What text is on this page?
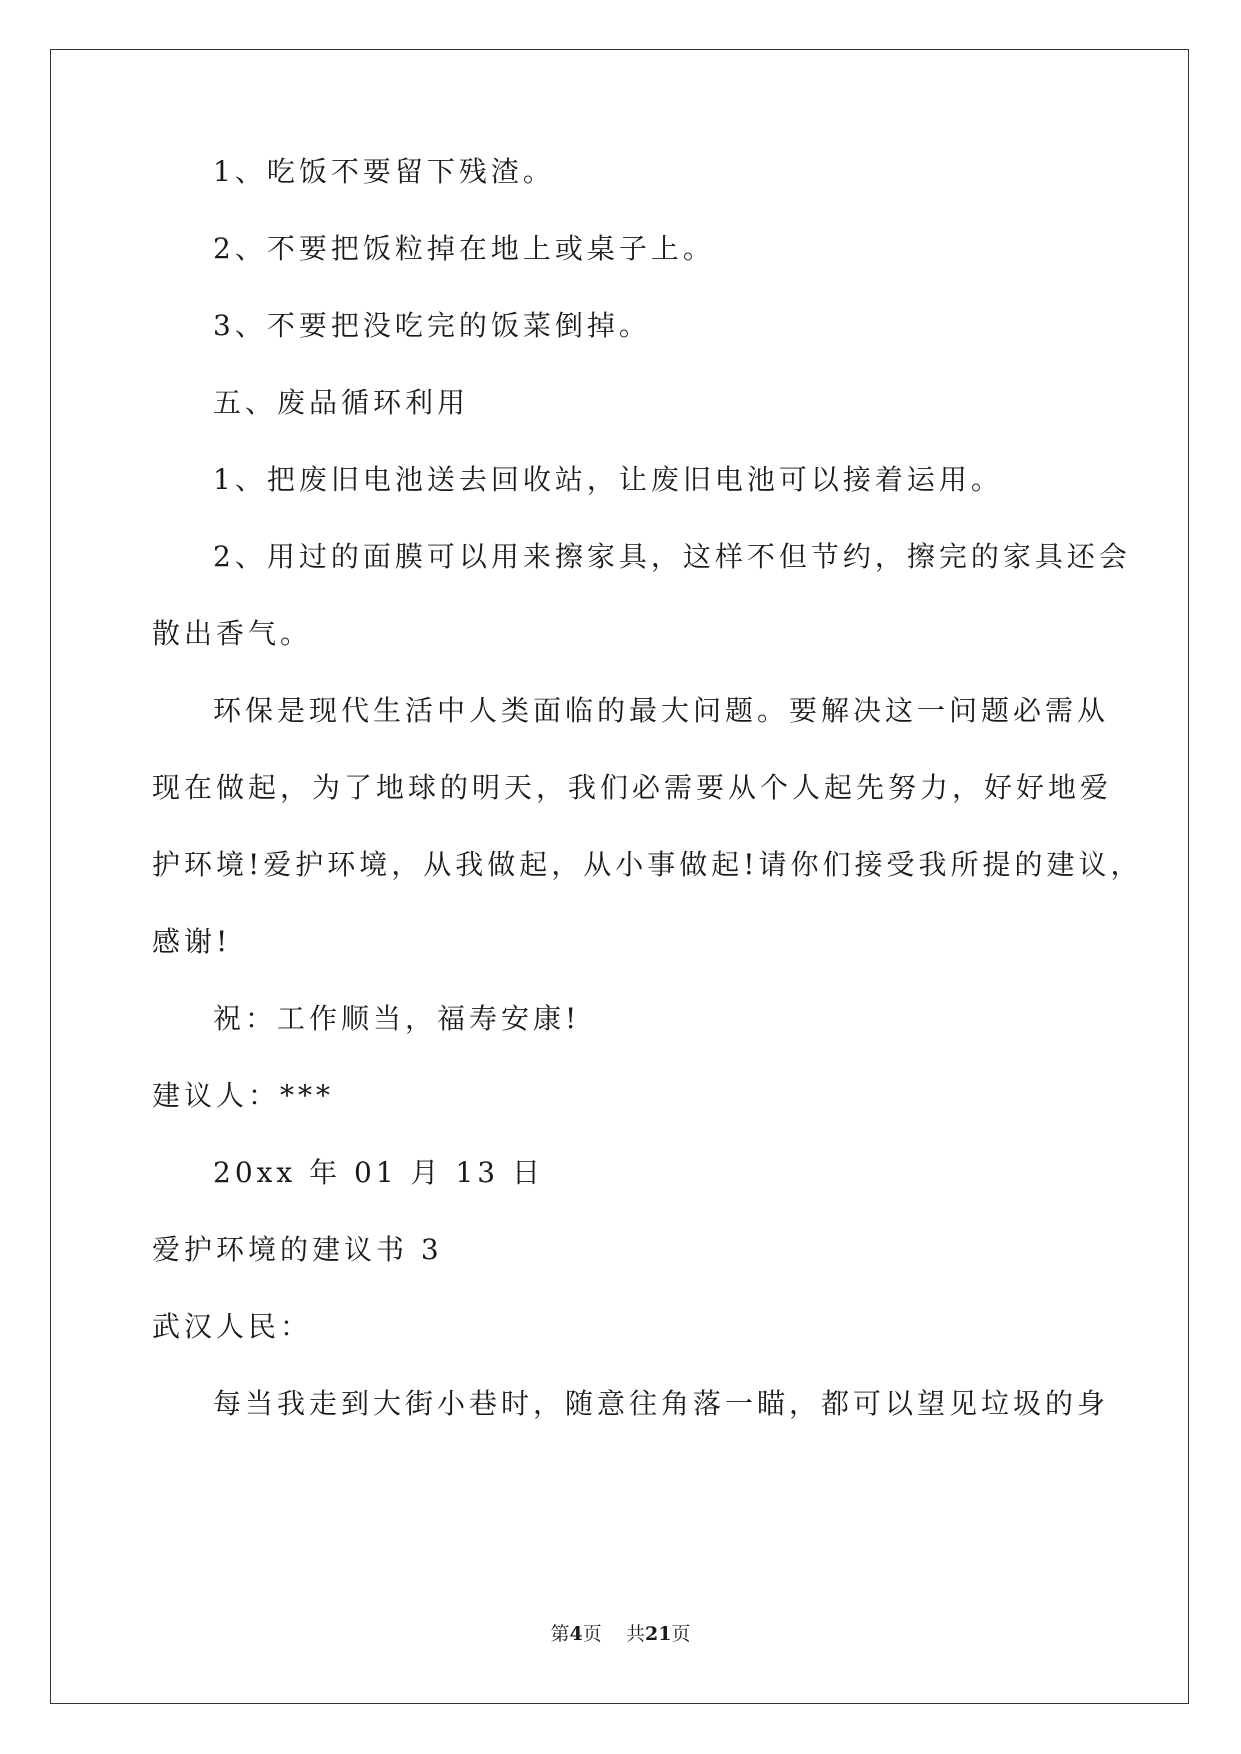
1、吃饭不要留下残渣。
2、不要把饭粒掉在地上或桌子上。
3、不要把没吃完的饭菜倒掉。
五、废品循环利用
1、把废旧电池送去回收站，让废旧电池可以接着运用。
2、用过的面膜可以用来擦家具，这样不但节约，擦完的家具还会
散出香气。
环保是现代生活中人类面临的最大问题。要解决这一问题必需从
现在做起，为了地球的明天，我们必需要从个人起先努力，好好地爱
护环境!爱护环境，从我做起，从小事做起!请你们接受我所提的建议，
感谢!
祝：工作顺当，福寿安康!
建议人：***
20xx 年 01 月 13 日
爱护环境的建议书 3
武汉人民：
每当我走到大街小巷时，随意往角落一瞄，都可以望见垃圾的身
第4页 共21页
